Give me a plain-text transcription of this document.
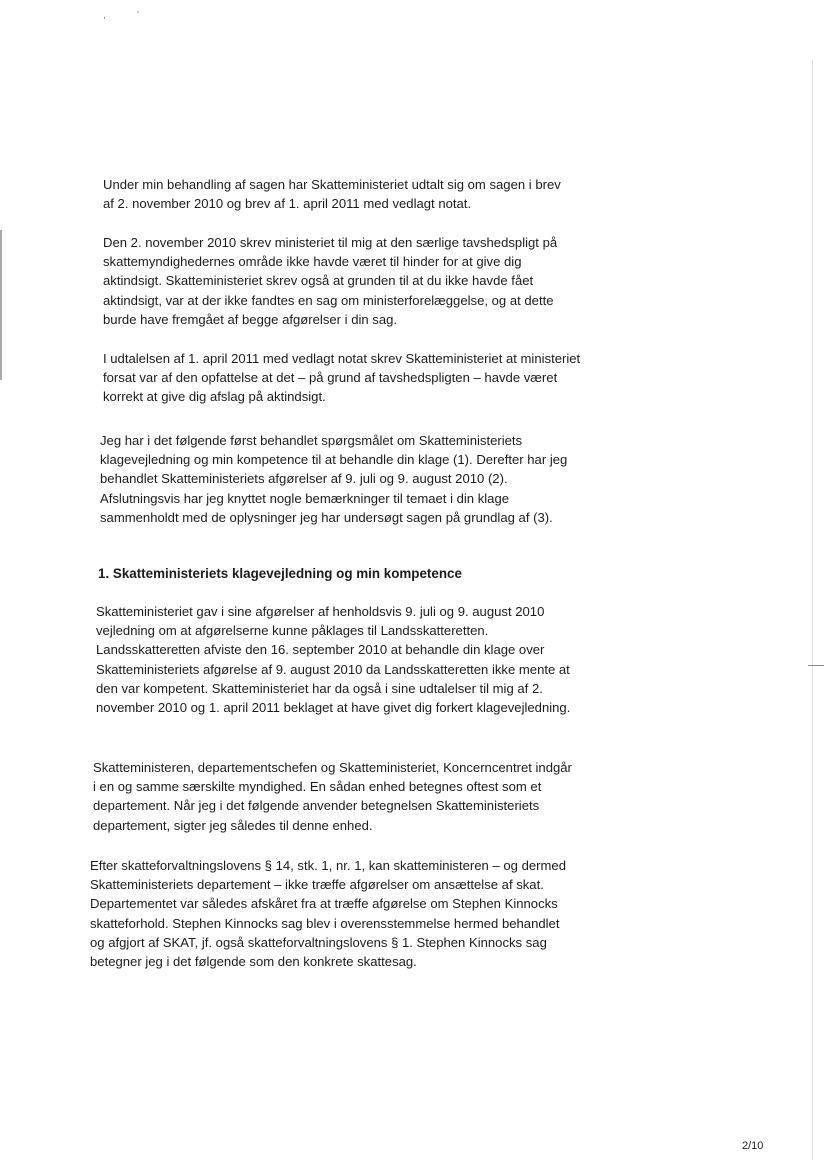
,	'

Under min behandling af sagen har Skatteministeriet udtalt sig om sagen i brev af 2. november 2010 og brev af 1. april 2011 med vedlagt notat.

Den 2. november 2010 skrev ministeriet til mig at den særlige tavshedspligt på skattemyndighedernes område ikke havde været til hinder for at give dig aktindsigt. Skatteministeriet skrev også at grunden til at du ikke havde fået aktindsigt, var at der ikke fandtes en sag om ministerforelæggelse, og at dette burde have fremgået af begge afgørelser i din sag.

I udtalelsen af 1. april 2011 med vedlagt notat skrev Skatteministeriet at ministeriet forsat var af den opfattelse at det – på grund af tavshedspligten – havde været korrekt at give dig afslag på aktindsigt.

Jeg har i det følgende først behandlet spørgsmålet om Skatteministeriets klagevejledning og min kompetence til at behandle din klage (1). Derefter har jeg behandlet Skatteministeriets afgørelser af 9. juli og 9. august 2010 (2). Afslutningsvis har jeg knyttet nogle bemærkninger til temaet i din klage sammenholdt med de oplysninger jeg har undersøgt sagen på grundlag af (3).

1. Skatteministeriets klagevejledning og min kompetence

Skatteministeriet gav i sine afgørelser af henholdsvis 9. juli og 9. august 2010 vejledning om at afgørelserne kunne påklages til Landsskatteretten. Landsskatteretten afviste den 16. september 2010 at behandle din klage over Skatteministeriets afgørelse af 9. august 2010 da Landsskatteretten ikke mente at den var kompetent. Skatteministeriet har da også i sine udtalelser til mig af 2. november 2010 og 1. april 2011 beklaget at have givet dig forkert klagevejledning.

Skatteministeren, departementschefen og Skatteministeriet, Koncerncentret indgår i en og samme særskilte myndighed. En sådan enhed betegnes oftest som et departement. Når jeg i det følgende anvender betegnelsen Skatteministeriets departement, sigter jeg således til denne enhed.

Efter skatteforvaltningslovens § 14, stk. 1, nr. 1, kan skatteministeren – og dermed Skatteministeriets departement – ikke træffe afgørelser om ansættelse af skat. Departementet var således afskåret fra at træffe afgørelse om Stephen Kinnocks skatteforhold. Stephen Kinnocks sag blev i overensstemmelse hermed behandlet og afgjort af SKAT, jf. også skatteforvaltningslovens § 1. Stephen Kinnocks sag betegner jeg i det følgende som den konkrete skattesag.

2/10
